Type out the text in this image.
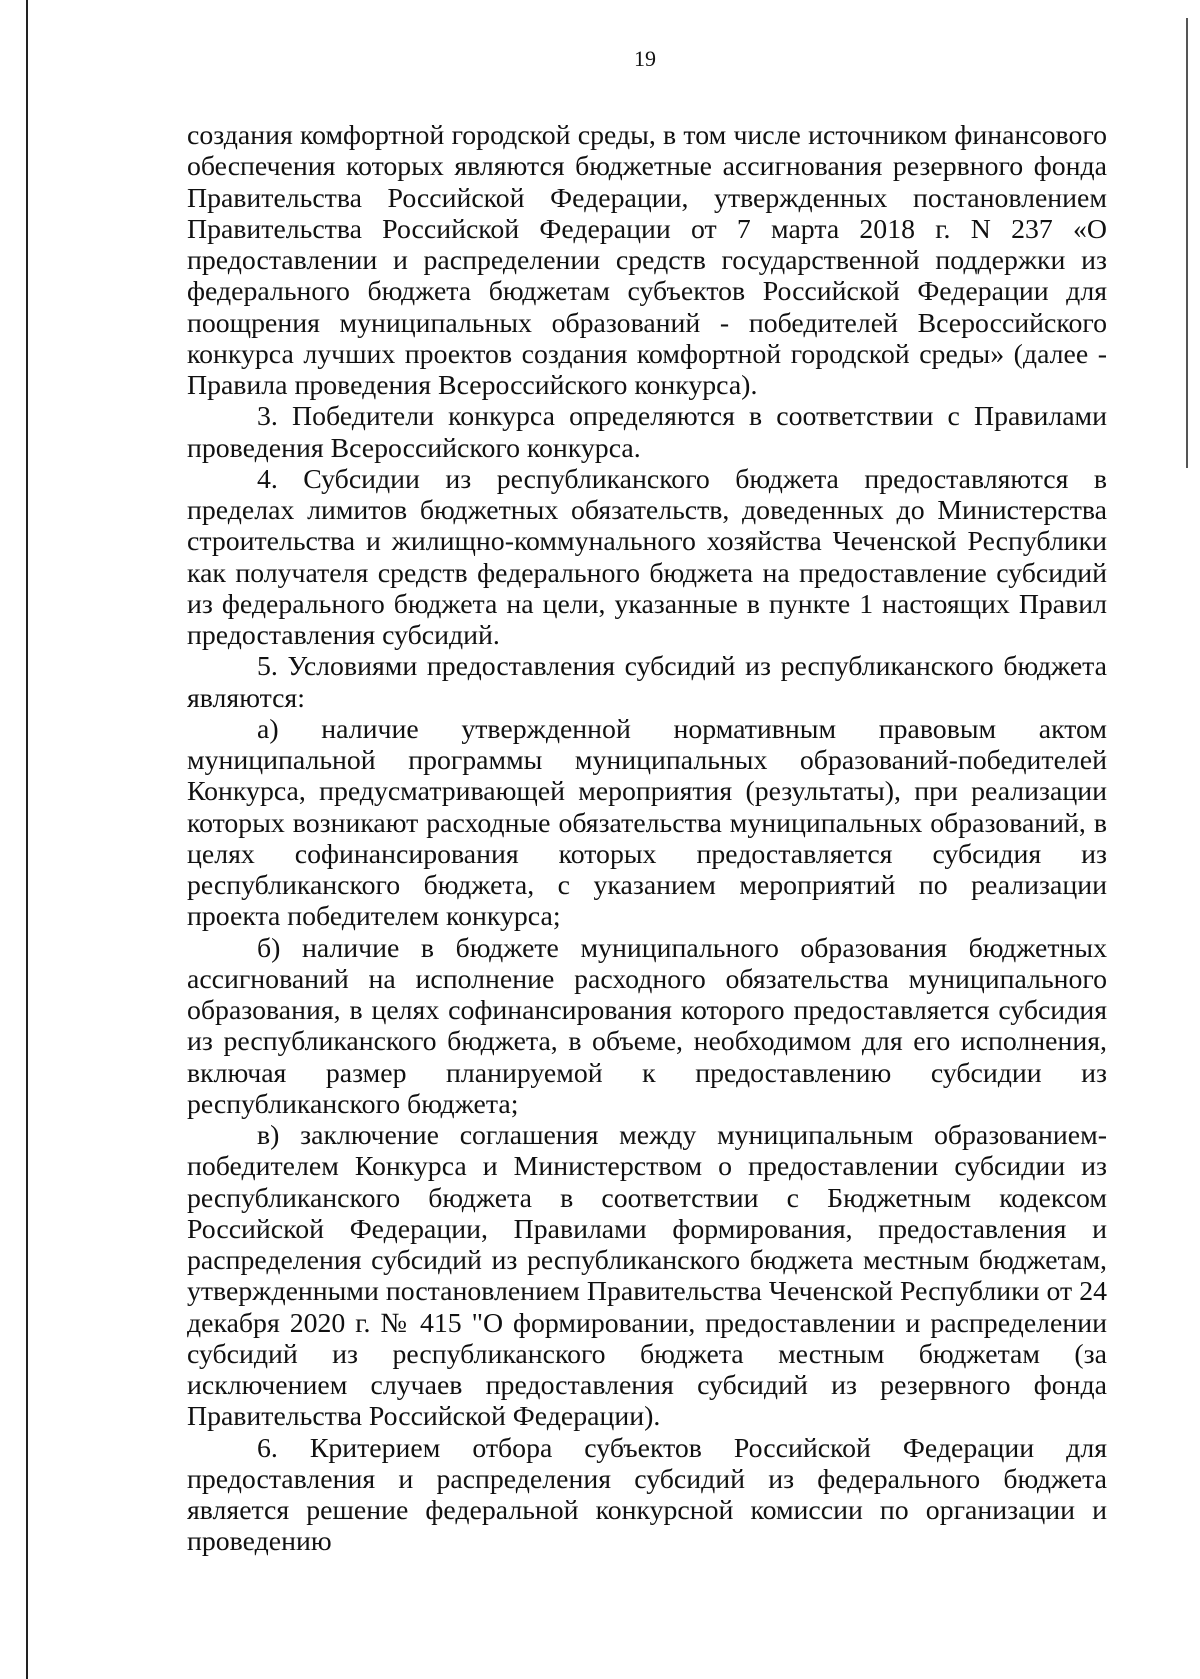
19

создания комфортной городской среды, в том числе источником финансового обеспечения которых являются бюджетные ассигнования резервного фонда Правительства Российской Федерации, утвержденных постановлением Правительства Российской Федерации от 7 марта 2018 г. N 237 «О предоставлении и распределении средств государственной поддержки из федерального бюджета бюджетам субъектов Российской Федерации для поощрения муниципальных образований - победителей Всероссийского конкурса лучших проектов создания комфортной городской среды» (далее - Правила проведения Всероссийского конкурса).

3. Победители конкурса определяются в соответствии с Правилами проведения Всероссийского конкурса.

4. Субсидии из республиканского бюджета предоставляются в пределах лимитов бюджетных обязательств, доведенных до Министерства строительства и жилищно-коммунального хозяйства Чеченской Республики как получателя средств федерального бюджета на предоставление субсидий из федерального бюджета на цели, указанные в пункте 1 настоящих Правил предоставления субсидий.

5. Условиями предоставления субсидий из республиканского бюджета являются:

а) наличие утвержденной нормативным правовым актом муниципальной программы муниципальных образований-победителей Конкурса, предусматривающей мероприятия (результаты), при реализации которых возникают расходные обязательства муниципальных образований, в целях софинансирования которых предоставляется субсидия из республиканского бюджета, с указанием мероприятий по реализации проекта победителем конкурса;

б) наличие в бюджете муниципального образования бюджетных ассигнований на исполнение расходного обязательства муниципального образования, в целях софинансирования которого предоставляется субсидия из республиканского бюджета, в объеме, необходимом для его исполнения, включая размер планируемой к предоставлению субсидии из республиканского бюджета;

в) заключение соглашения между муниципальным образованием-победителем Конкурса и Министерством о предоставлении субсидии из республиканского бюджета в соответствии с Бюджетным кодексом Российской Федерации, Правилами формирования, предоставления и распределения субсидий из республиканского бюджета местным бюджетам, утвержденными постановлением Правительства Чеченской Республики от 24 декабря 2020 г. № 415 "О формировании, предоставлении и распределении субсидий из республиканского бюджета местным бюджетам (за исключением случаев предоставления субсидий из резервного фонда Правительства Российской Федерации).

6. Критерием отбора субъектов Российской Федерации для предоставления и распределения субсидий из федерального бюджета является решение федеральной конкурсной комиссии по организации и проведению
